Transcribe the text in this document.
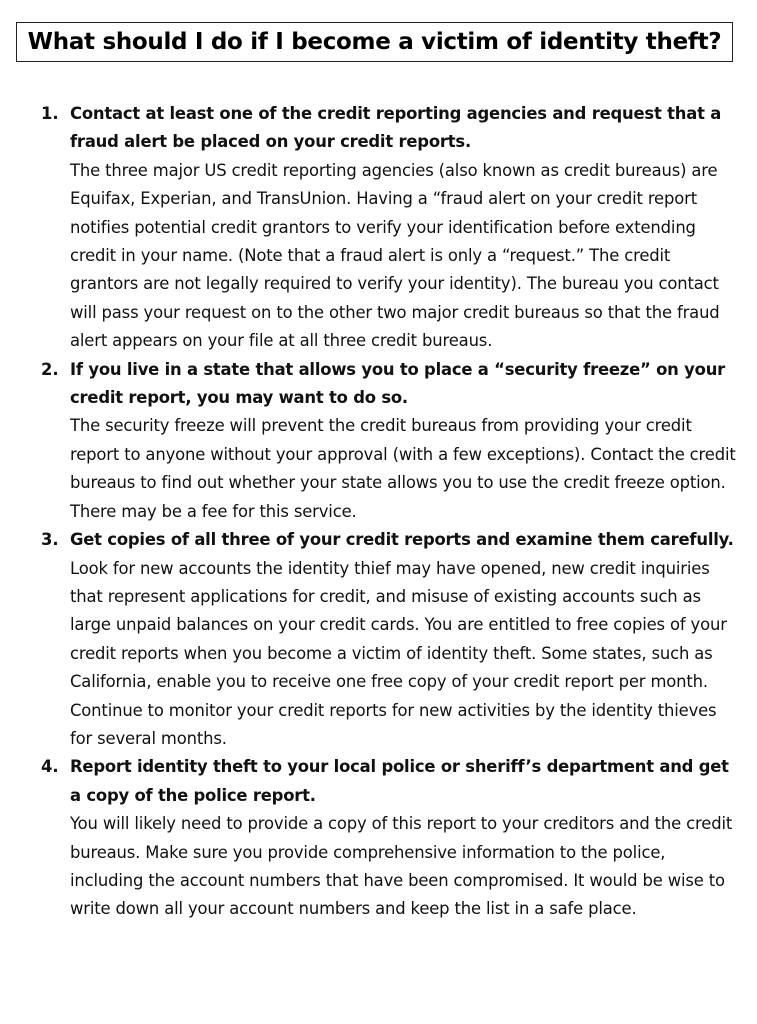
What should I do if I become a victim of identity theft?
1. Contact at least one of the credit reporting agencies and request that a fraud alert be placed on your credit reports.
The three major US credit reporting agencies (also known as credit bureaus) are Equifax, Experian, and TransUnion. Having a “fraud alert on your credit report notifies potential credit grantors to verify your identification before extending credit in your name. (Note that a fraud alert is only a “request.” The credit grantors are not legally required to verify your identity). The bureau you contact will pass your request on to the other two major credit bureaus so that the fraud alert appears on your file at all three credit bureaus.
2. If you live in a state that allows you to place a “security freeze” on your credit report, you may want to do so.
The security freeze will prevent the credit bureaus from providing your credit report to anyone without your approval (with a few exceptions). Contact the credit bureaus to find out whether your state allows you to use the credit freeze option. There may be a fee for this service.
3. Get copies of all three of your credit reports and examine them carefully.
Look for new accounts the identity thief may have opened, new credit inquiries that represent applications for credit, and misuse of existing accounts such as large unpaid balances on your credit cards. You are entitled to free copies of your credit reports when you become a victim of identity theft. Some states, such as California, enable you to receive one free copy of your credit report per month. Continue to monitor your credit reports for new activities by the identity thieves for several months.
4. Report identity theft to your local police or sheriff’s department and get a copy of the police report.
You will likely need to provide a copy of this report to your creditors and the credit bureaus. Make sure you provide comprehensive information to the police, including the account numbers that have been compromised. It would be wise to write down all your account numbers and keep the list in a safe place.
